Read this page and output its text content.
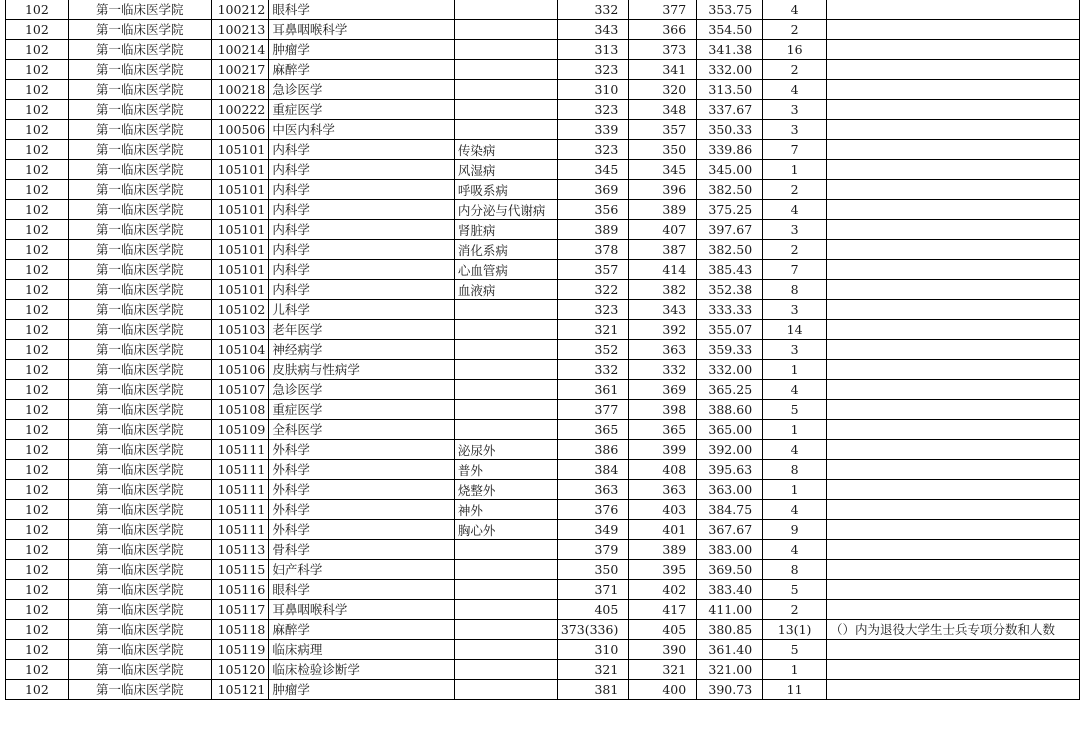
102	第一临床医学院	100212	眼科学		332	377	353.75	4	
102	第一临床医学院	100213	耳鼻咽喉科学		343	366	354.50	2	
102	第一临床医学院	100214	肿瘤学		313	373	341.38	16	
102	第一临床医学院	100217	麻醉学		323	341	332.00	2	
102	第一临床医学院	100218	急诊医学		310	320	313.50	4	
102	第一临床医学院	100222	重症医学		323	348	337.67	3	
102	第一临床医学院	100506	中医内科学		339	357	350.33	3	
102	第一临床医学院	105101	内科学	传染病	323	350	339.86	7	
102	第一临床医学院	105101	内科学	风湿病	345	345	345.00	1	
102	第一临床医学院	105101	内科学	呼吸系病	369	396	382.50	2	
102	第一临床医学院	105101	内科学	内分泌与代谢病	356	389	375.25	4	
102	第一临床医学院	105101	内科学	肾脏病	389	407	397.67	3	
102	第一临床医学院	105101	内科学	消化系病	378	387	382.50	2	
102	第一临床医学院	105101	内科学	心血管病	357	414	385.43	7	
102	第一临床医学院	105101	内科学	血液病	322	382	352.38	8	
102	第一临床医学院	105102	儿科学		323	343	333.33	3	
102	第一临床医学院	105103	老年医学		321	392	355.07	14	
102	第一临床医学院	105104	神经病学		352	363	359.33	3	
102	第一临床医学院	105106	皮肤病与性病学		332	332	332.00	1	
102	第一临床医学院	105107	急诊医学		361	369	365.25	4	
102	第一临床医学院	105108	重症医学		377	398	388.60	5	
102	第一临床医学院	105109	全科医学		365	365	365.00	1	
102	第一临床医学院	105111	外科学	泌尿外	386	399	392.00	4	
102	第一临床医学院	105111	外科学	普外	384	408	395.63	8	
102	第一临床医学院	105111	外科学	烧整外	363	363	363.00	1	
102	第一临床医学院	105111	外科学	神外	376	403	384.75	4	
102	第一临床医学院	105111	外科学	胸心外	349	401	367.67	9	
102	第一临床医学院	105113	骨科学		379	389	383.00	4	
102	第一临床医学院	105115	妇产科学		350	395	369.50	8	
102	第一临床医学院	105116	眼科学		371	402	383.40	5	
102	第一临床医学院	105117	耳鼻咽喉科学		405	417	411.00	2	
102	第一临床医学院	105118	麻醉学		373(336)	405	380.85	13(1)	（）内为退役大学生士兵专项分数和人数
102	第一临床医学院	105119	临床病理		310	390	361.40	5	
102	第一临床医学院	105120	临床检验诊断学		321	321	321.00	1	
102	第一临床医学院	105121	肿瘤学		381	400	390.73	11	
